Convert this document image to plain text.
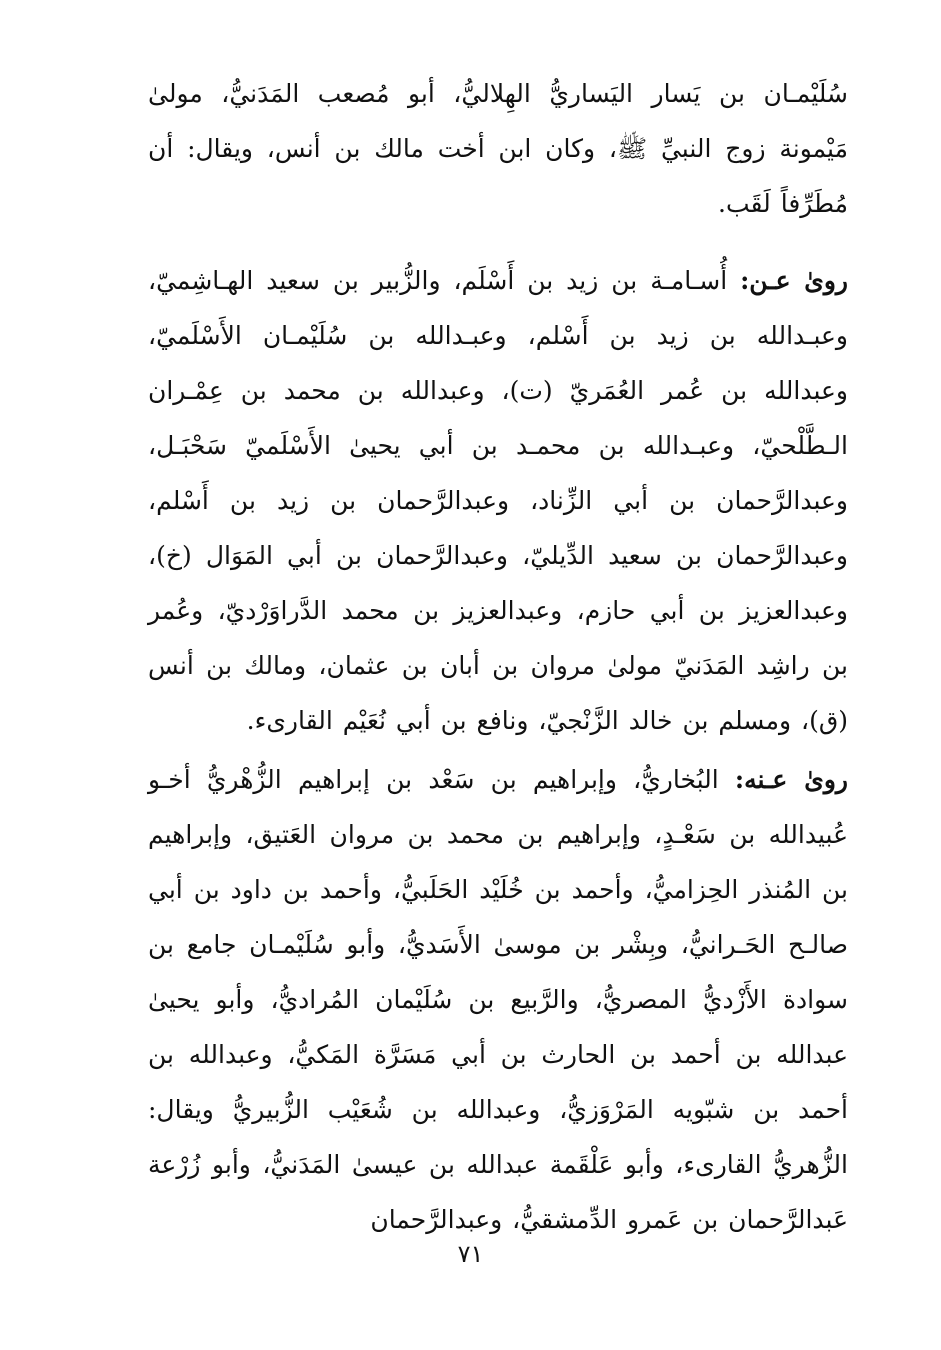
سُلَيْمـان بن يَسار اليَساريُّ الهِلاليُّ، أبو مُصعب المَدَنيُّ، مولىٰ مَيْمونة زوج النبيِّ ﷺ، وكان ابن أخت مالك بن أنس، ويقال: أن مُطَرِّفاً لَقَب.

روىٰ عـن: أُسـامـة بن زيد بن أَسْلَم، والزُّبير بن سعيد الهـاشِميّ، وعبـدالله بن زيد بن أَسْلم، وعبـدالله بن سُلَيْمـان الأَسْلَميّ، وعبدالله بن عُمر العُمَريّ (ت)، وعبدالله بن محمد بن عِمْـران الـطَّلْحيّ، وعبـدالله بن محمـد بن أبي يحيىٰ الأَسْلَميّ سَحْبَـل، وعبدالرَّحمان بن أبي الزِّناد، وعبدالرَّحمان بن زيد بن أَسْلم، وعبدالرَّحمان بن سعيد الدِّيليّ، وعبدالرَّحمان بن أبي المَوَال (خ)، وعبدالعزيز بن أبي حازم، وعبدالعزيز بن محمد الدَّراوَرْديّ، وعُمر بن راشِد المَدَنيّ مولىٰ مروان بن أبان بن عثمان، ومالك بن أنس (ق)، ومسلم بن خالد الزَّنْجيّ، ونافع بن أبي نُعَيْم القارىء.

روىٰ عـنه: البُخاريُّ، وإبراهيم بن سَعْد بن إبراهيم الزُّهْريُّ أخـو عُبيدالله بن سَعْـدٍ، وإبراهيم بن محمد بن مروان العَتيق، وإبراهيم بن المُنذر الحِزاميُّ، وأحمد بن خُلَيْد الحَلَبيُّ، وأحمد بن داود بن أبي صالـح الحَـرانيُّ، وبِشْر بن موسىٰ الأَسَديُّ، وأبو سُلَيْمـان جامع بن سوادة الأَزْديُّ المصريُّ، والرَّبيع بن سُلَيْمان المُراديُّ، وأبو يحيىٰ عبدالله بن أحمد بن الحارث بن أبي مَسَرَّة المَكيُّ، وعبدالله بن أحمد بن شبّويه المَرْوَزيُّ، وعبدالله بن شُعَيْب الزُّبيريُّ ويقال: الزُّهريُّ القارىء، وأبو عَلْقَمة عبدالله بن عيسىٰ المَدَنيُّ، وأبو زُرْعة عَبدالرَّحمان بن عَمرو الدِّمشقيُّ، وعبدالرَّحمان

٧١
